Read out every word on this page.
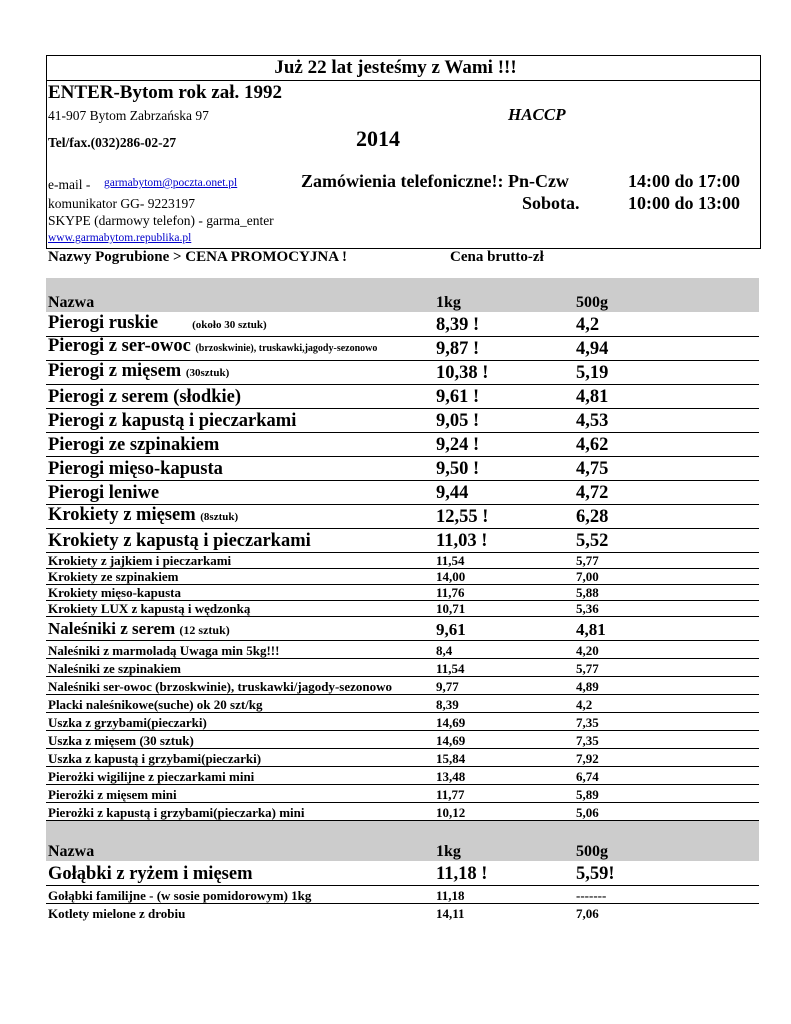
Już 22 lat jesteśmy z Wami !!!
ENTER-Bytom rok zał. 1992
41-907 Bytom Zabrzańska 97	HACCP
Tel/fax.(032)286-02-27	2014
e-mail - garmabytom@poczta.onet.pl	Zamówienia telefoniczne!: Pn-Czw	14:00 do 17:00
komunikator GG- 9223197	Sobota.	10:00 do 13:00
SKYPE (darmowy telefon) - garma_enter
www.garmabytom.republika.pl
Nazwy Pogrubione > CENA PROMOCYJNA !	Cena brutto-zł
Nazwa	1kg	500g
Pierogi ruskie	(około 30 sztuk)	8,39 !	4,2
Pierogi z ser-owoc (brzoskwinie), truskawki,jagody-sezonowo	9,87 !	4,94
Pierogi z mięsem (30sztuk)	10,38 !	5,19
Pierogi z serem (słodkie)	9,61 !	4,81
Pierogi z kapustą i pieczarkami	9,05 !	4,53
Pierogi ze szpinakiem	9,24 !	4,62
Pierogi mięso-kapusta	9,50 !	4,75
Pierogi leniwe	9,44	4,72
Krokiety z mięsem (8sztuk)	12,55 !	6,28
Krokiety z kapustą i pieczarkami	11,03 !	5,52
Krokiety z jajkiem i pieczarkami	11,54	5,77
Krokiety ze szpinakiem	14,00	7,00
Krokiety mięso-kapusta	11,76	5,88
Krokiety LUX z kapustą i wędzonką	10,71	5,36
Naleśniki z serem (12 sztuk)	9,61	4,81
Naleśniki z marmoladą Uwaga min 5kg!!!	8,4	4,20
Naleśniki ze szpinakiem	11,54	5,77
Naleśniki ser-owoc (brzoskwinie), truskawki/jagody-sezonowo	9,77	4,89
Placki naleśnikowe(suche) ok 20 szt/kg	8,39	4,2
Uszka z grzybami(pieczarki)	14,69	7,35
Uszka z mięsem (30 sztuk)	14,69	7,35
Uszka z kapustą i grzybami(pieczarki)	15,84	7,92
Pierożki wigilijne z pieczarkami mini	13,48	6,74
Pierożki z mięsem mini	11,77	5,89
Pierożki z kapustą i grzybami(pieczarka) mini	10,12	5,06
Nazwa	1kg	500g
Gołąbki z ryżem i mięsem	11,18 !	5,59!
Gołąbki familijne - (w sosie pomidorowym) 1kg	11,18	-------
Kotlety mielone z drobiu	14,11	7,06
